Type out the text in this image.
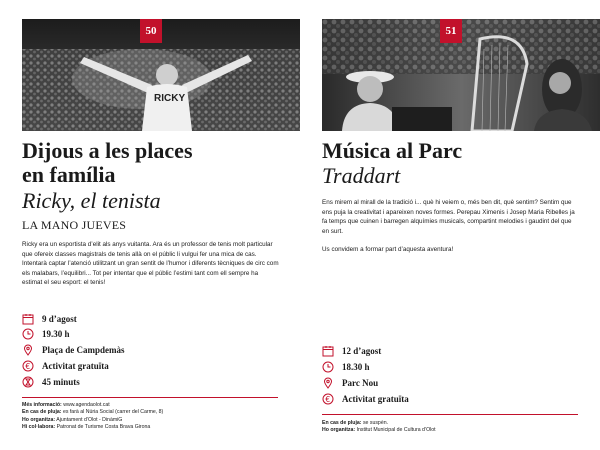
RICKY
50
Dijous a les places
en família
Ricky, el tenista
LA MANO JUEVES

Ricky era un esportista d’elit als anys vuitanta. Ara és un professor de tenis molt particular que ofereix classes magistrals de tenis allà on el públic li vulgui fer una mica de cas. Intentarà captar l’atenció utilitzant un gran sentit de l’humor i diferents tècniques de circ com els malabars, l’equilibri... Tot per intentar que el públic l’estimi tant com ell sempre ha estimat el seu esport: el tenis!

9 d’agost
19.30 h
Plaça de Campdemàs
€ Activitat gratuïta
45 minuts
Més informació: www.agendaolot.cat
En cas de pluja: es farà al Núria Social (carrer del Carme, 8)
Ho organitza: Ajuntament d’Olot - DinàmiG
Hi col·labora: Patronat de Turisme Costa Brava Girona
51
Música al Parc
Traddart

Ens mirem al mirall de la tradició i... què hi veiem o, més ben dit, què sentim? Sentim que ens puja la creativitat i apareixen noves formes. Perepau Ximenis i Josep Maria Ribelles ja fa temps que cuinen i barregen alquímies musicals, compartint melodies i gaudint del que en surt.

Us convidem a formar part d’aquesta aventura!

12 d’agost
18.30 h
Parc Nou
€ Activitat gratuïta
En cas de pluja: se suspèn.
Ho organitza: Institut Municipal de Cultura d’Olot
